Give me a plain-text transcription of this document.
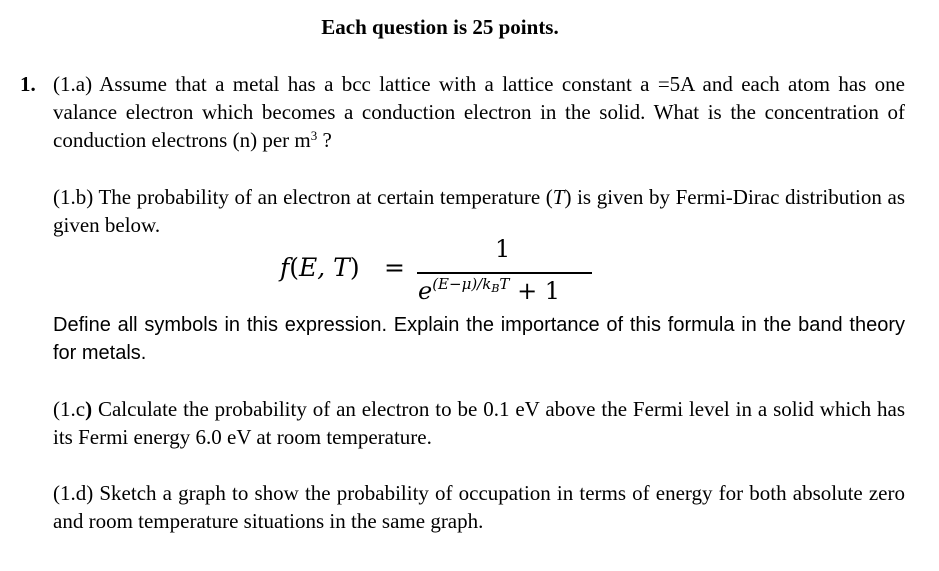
Each question is 25 points.
1. (1.a) Assume that a metal has a bcc lattice with a lattice constant a =5A and each atom has one valance electron which becomes a conduction electron in the solid. What is the concentration of conduction electrons (n) per $m^3$ ?
(1.b) The probability of an electron at certain temperature (T) is given by Fermi-Dirac distribution as given below.
f(E, T) =
1
$e^{(E-\mu)/k_BT} + 1$
Define all symbols in this expression. Explain the importance of this formula in the band theory for metals.
(1.c) Calculate the probability of an electron to be 0.1 eV above the Fermi level in a solid which has its Fermi energy 6.0 eV at room temperature.
(1.d) Sketch a graph to show the probability of occupation in terms of energy for both absolute zero and room temperature situations in the same graph.
